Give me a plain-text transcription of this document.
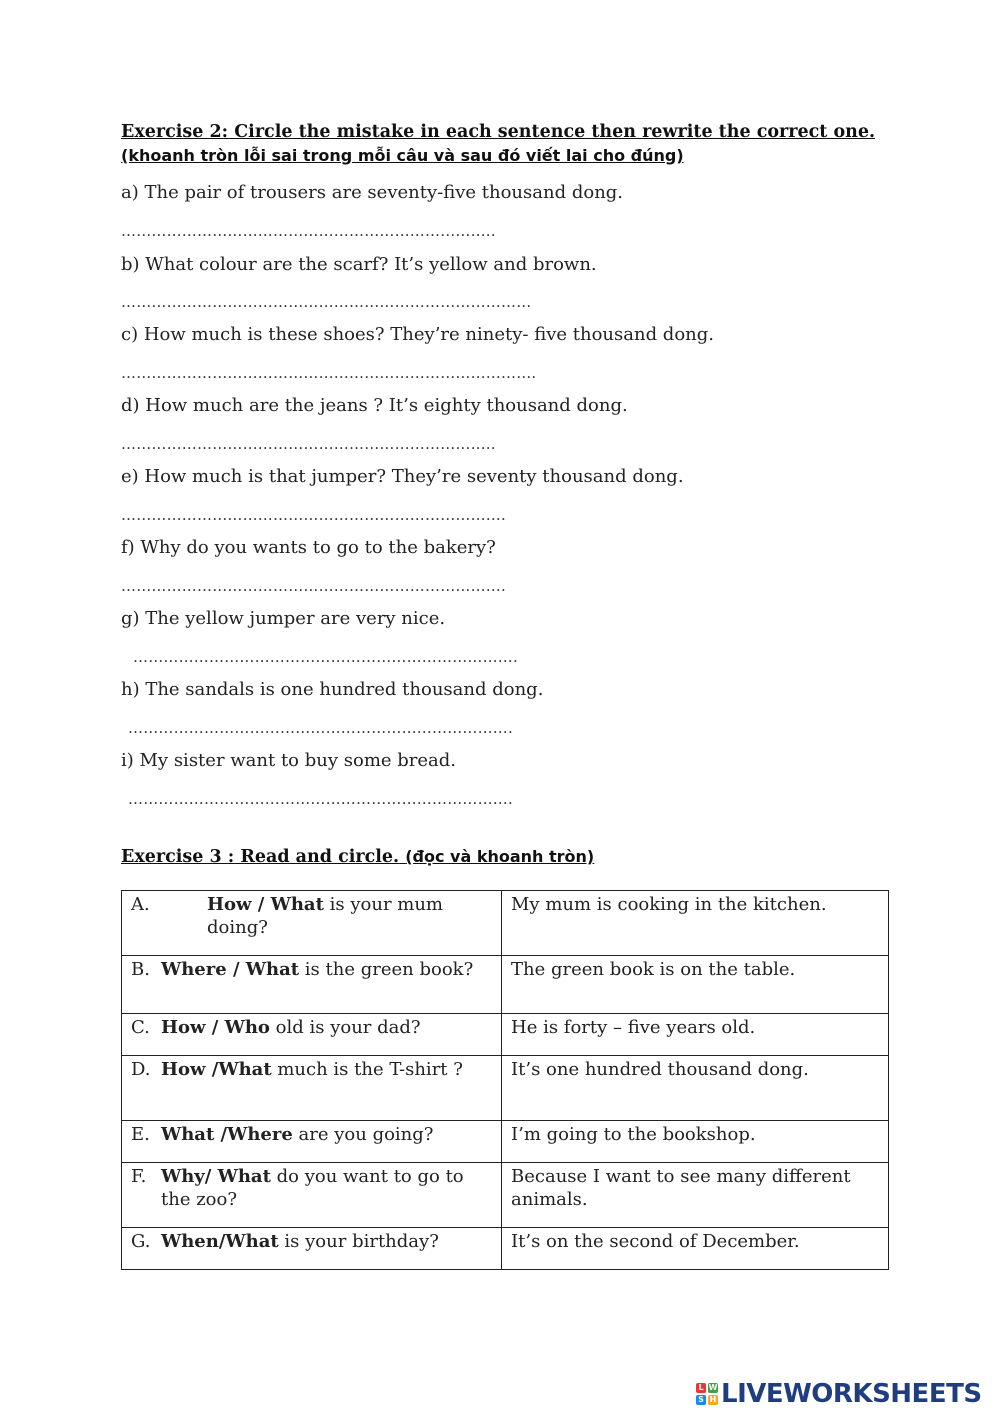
Exercise 2: Circle the mistake in each sentence then rewrite the correct one. (khoanh tròn lỗi sai trong mỗi câu và sau đó viết lai cho đúng)
a) The pair of trousers are seventy-five thousand dong.
………………………………………………………………..
b) What colour are the scarf? It’s yellow and brown.
………………………………………………………………………
c) How much is these shoes? They’re ninety- five thousand dong.
……………………………………………………………………….
d) How much are the jeans ? It’s eighty thousand dong.
………………………………………………………………..
e) How much is that jumper? They’re seventy thousand dong.
………………………………………………………………….
f) Why do you wants to go to the bakery?
………………………………………………………………….
g) The yellow jumper are very nice.
………………………………………………………………….
h) The sandals is one hundred thousand dong.
………………………………………………………………….
i) My sister want to buy some bread.
………………………………………………………………….
Exercise 3 : Read and circle. (đọc và khoanh tròn)
A. How / What is your mum doing?	My mum is cooking in the kitchen.

B. Where / What is the green book?	The green book is on the table.

C. How / Who old is your dad?	He is forty – five years old.

D. How /What much is the T-shirt ?	It’s one hundred thousand dong.

E. What /Where are you going?	I’m going to the bookshop.

F. Why/ What do you want to go to the zoo?	Because I want to see many different animals.

G. When/What is your birthday?	It’s on the second of December.
L W
S H LIVEWORKSHEETS
